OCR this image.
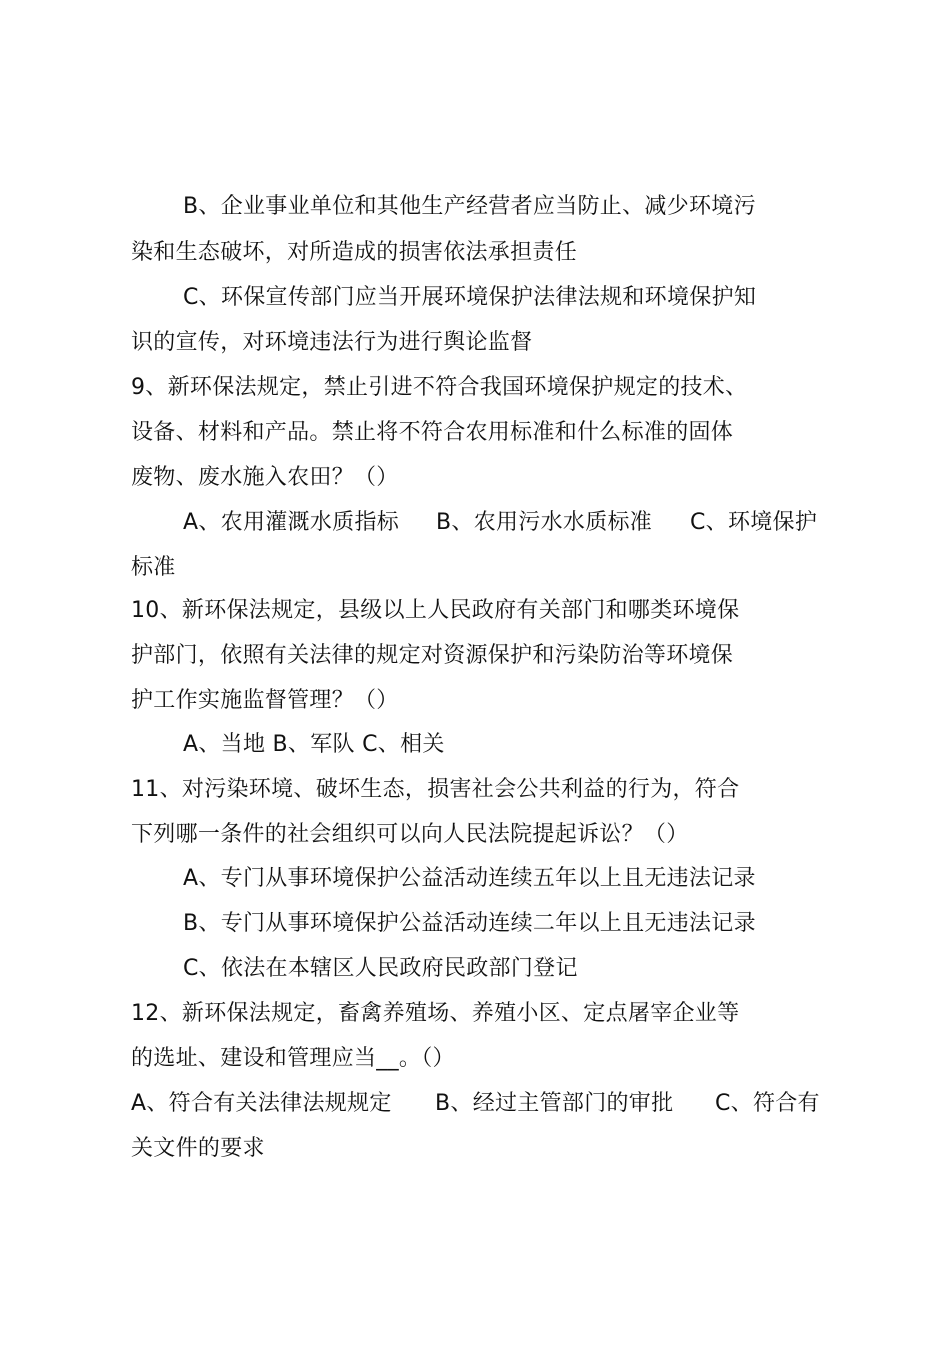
B、企业事业单位和其他生产经营者应当防止、减少环境污
染和生态破坏，对所造成的损害依法承担责任
C、环保宣传部门应当开展环境保护法律法规和环境保护知
识的宣传，对环境违法行为进行舆论监督
9、新环保法规定，禁止引进不符合我国环境保护规定的技术、
设备、材料和产品。禁止将不符合农用标准和什么标准的固体
废物、废水施入农田？（）
A、农用灌溉水质指标 B、农用污水水质标准 C、环境保护
标准
10、新环保法规定，县级以上人民政府有关部门和哪类环境保
护部门，依照有关法律的规定对资源保护和污染防治等环境保
护工作实施监督管理？（）
A、当地 B、军队 C、相关
11、对污染环境、破坏生态，损害社会公共利益的行为，符合
下列哪一条件的社会组织可以向人民法院提起诉讼？（）
A、专门从事环境保护公益活动连续五年以上且无违法记录
B、专门从事环境保护公益活动连续二年以上且无违法记录
C、依法在本辖区人民政府民政部门登记
12、新环保法规定，畜禽养殖场、养殖小区、定点屠宰企业等
的选址、建设和管理应当__。（）
A、符合有关法律法规规定 B、经过主管部门的审批 C、符合有
关文件的要求
